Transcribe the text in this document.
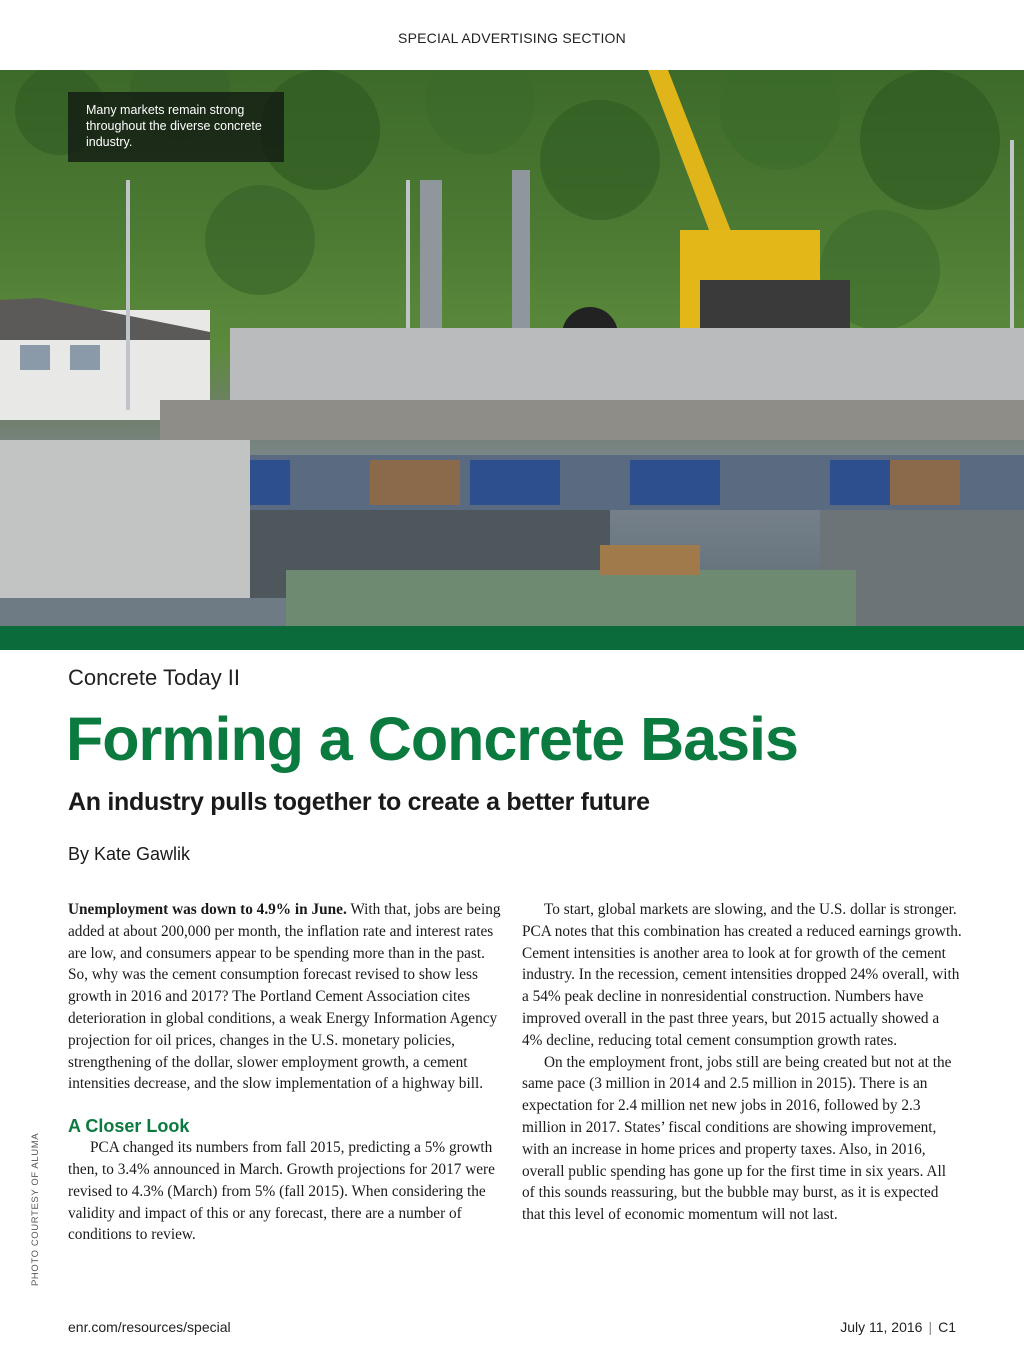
SPECIAL ADVERTISING SECTION
Many markets remain strong throughout the diverse concrete industry.
Concrete Today II
Forming a Concrete Basis
An industry pulls together to create a better future
By Kate Gawlik

Unemployment was down to 4.9% in June. With that, jobs are being added at about 200,000 per month, the inflation rate and interest rates are low, and consumers appear to be spending more than in the past. So, why was the cement consumption forecast revised to show less growth in 2016 and 2017? The Portland Cement Association cites deterioration in global conditions, a weak Energy Information Agency projection for oil prices, changes in the U.S. monetary policies, strengthening of the dollar, slower employment growth, a cement intensities decrease, and the slow implementation of a highway bill.

A Closer Look

PCA changed its numbers from fall 2015, predicting a 5% growth then, to 3.4% announced in March. Growth projections for 2017 were revised to 4.3% (March) from 5% (fall 2015). When considering the validity and impact of this or any forecast, there are a number of conditions to review.

To start, global markets are slowing, and the U.S. dollar is stronger. PCA notes that this combination has created a reduced earnings growth. Cement intensities is another area to look at for growth of the cement industry. In the recession, cement intensities dropped 24% overall, with a 54% peak decline in nonresidential construction. Numbers have improved overall in the past three years, but 2015 actually showed a 4% decline, reducing total cement consumption growth rates.

On the employment front, jobs still are being created but not at the same pace (3 million in 2014 and 2.5 million in 2015). There is an expectation for 2.4 million net new jobs in 2016, followed by 2.3 million in 2017. States’ fiscal conditions are showing improvement, with an increase in home prices and property taxes. Also, in 2016, overall public spending has gone up for the first time in six years. All of this sounds reassuring, but the bubble may burst, as it is expected that this level of economic momentum will not last.

PHOTO COURTESY OF ALUMA
enr.com/resources/special	July 11, 2016 | C1
